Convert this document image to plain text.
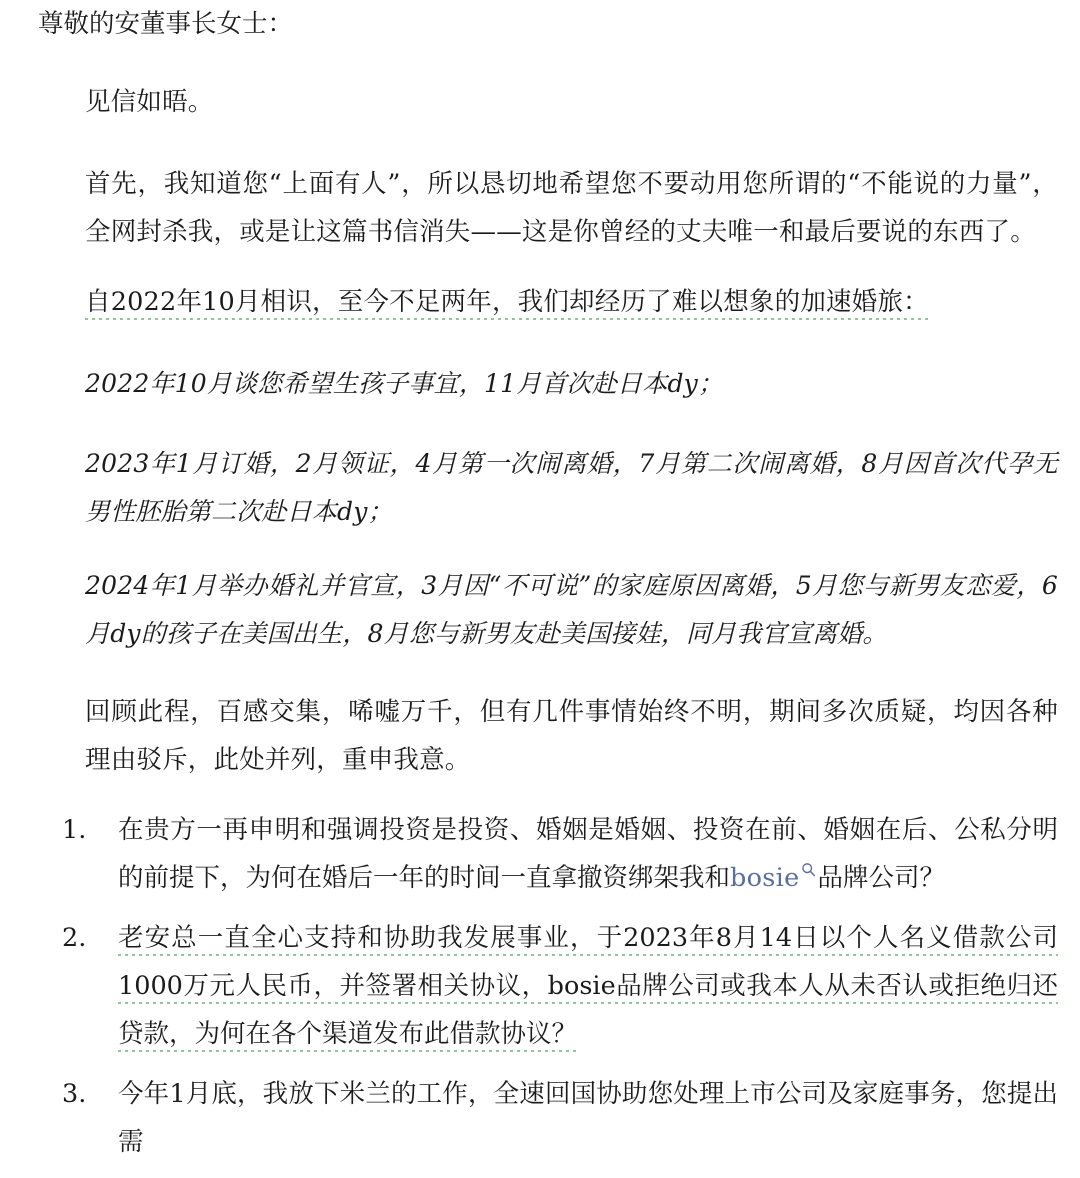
尊敬的安董事长女士：

见信如晤。

首先，我知道您“上面有人”，所以恳切地希望您不要动用您所谓的“不能说的力量”，全网封杀我，或是让这篇书信消失——这是你曾经的丈夫唯一和最后要说的东西了。

自2022年10月相识，至今不足两年，我们却经历了难以想象的加速婚旅：

2022年10月谈您希望生孩子事宜，11月首次赴日本dy；

2023年1月订婚，2月领证，4月第一次闹离婚，7月第二次闹离婚，8月因首次代孕无男性胚胎第二次赴日本dy；

2024年1月举办婚礼并官宣，3月因“不可说”的家庭原因离婚，5月您与新男友恋爱，6月dy的孩子在美国出生，8月您与新男友赴美国接娃，同月我官宣离婚。

回顾此程，百感交集，唏嘘万千，但有几件事情始终不明，期间多次质疑，均因各种理由驳斥，此处并列，重申我意。

1.	在贵方一再申明和强调投资是投资、婚姻是婚姻、投资在前、婚姻在后、公私分明的前提下，为何在婚后一年的时间一直拿撤资绑架我和bosie 品牌公司？
2.	老安总一直全心支持和协助我发展事业，于2023年8月14日以个人名义借款公司1000万元人民币，并签署相关协议，bosie品牌公司或我本人从未否认或拒绝归还贷款，为何在各个渠道发布此借款协议？
3.	今年1月底，我放下米兰的工作，全速回国协助您处理上市公司及家庭事务，您提出需
